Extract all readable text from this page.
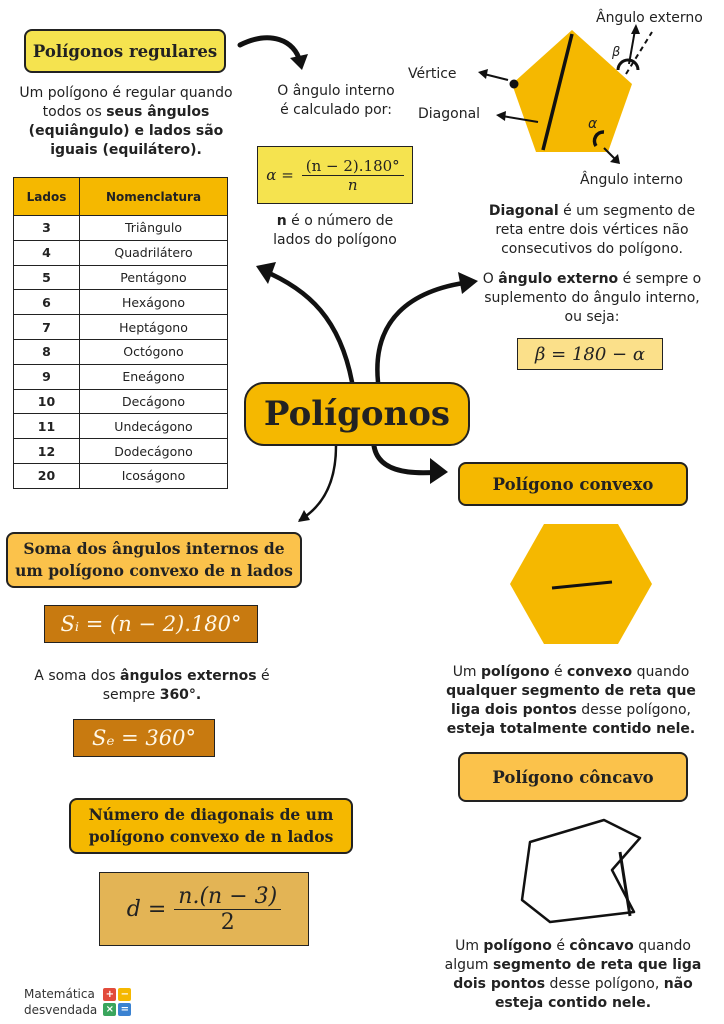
Polígonos regulares
Um polígono é regular quando todos os seus ângulos (equiângulo) e lados são iguais (equilátero).
Lados	Nomenclatura
3	Triângulo
4	Quadrilátero
5	Pentágono
6	Hexágono
7	Heptágono
8	Octógono
9	Eneágono
10	Decágono
11	Undecágono
12	Dodecágono
20	Icoságono
O ângulo interno é calculado por:
$\alpha = \frac{(n - 2).180^\circ}{n}$
n é o número de lados do polígono
β
α
Ângulo externo
Vértice
Diagonal
Ângulo interno
Diagonal é um segmento de reta entre dois vértices não consecutivos do polígono.
O ângulo externo é sempre o suplemento do ângulo interno, ou seja:
β = 180 − α
Polígonos
Polígono convexo
Um polígono é convexo quando qualquer segmento de reta que liga dois pontos desse polígono, esteja totalmente contido nele.
Polígono côncavo
Um polígono é côncavo quando algum segmento de reta que liga dois pontos desse polígono, não esteja contido nele.
Soma dos ângulos internos de um polígono convexo de n lados
Sᵢ = (n − 2).180°
A soma dos ângulos externos é sempre 360°.
Sₑ = 360°
Número de diagonais de um polígono convexo de n lados
$d = \frac{n.(n - 3)}{2}$
Matemática
desvendada
+ −
× =
